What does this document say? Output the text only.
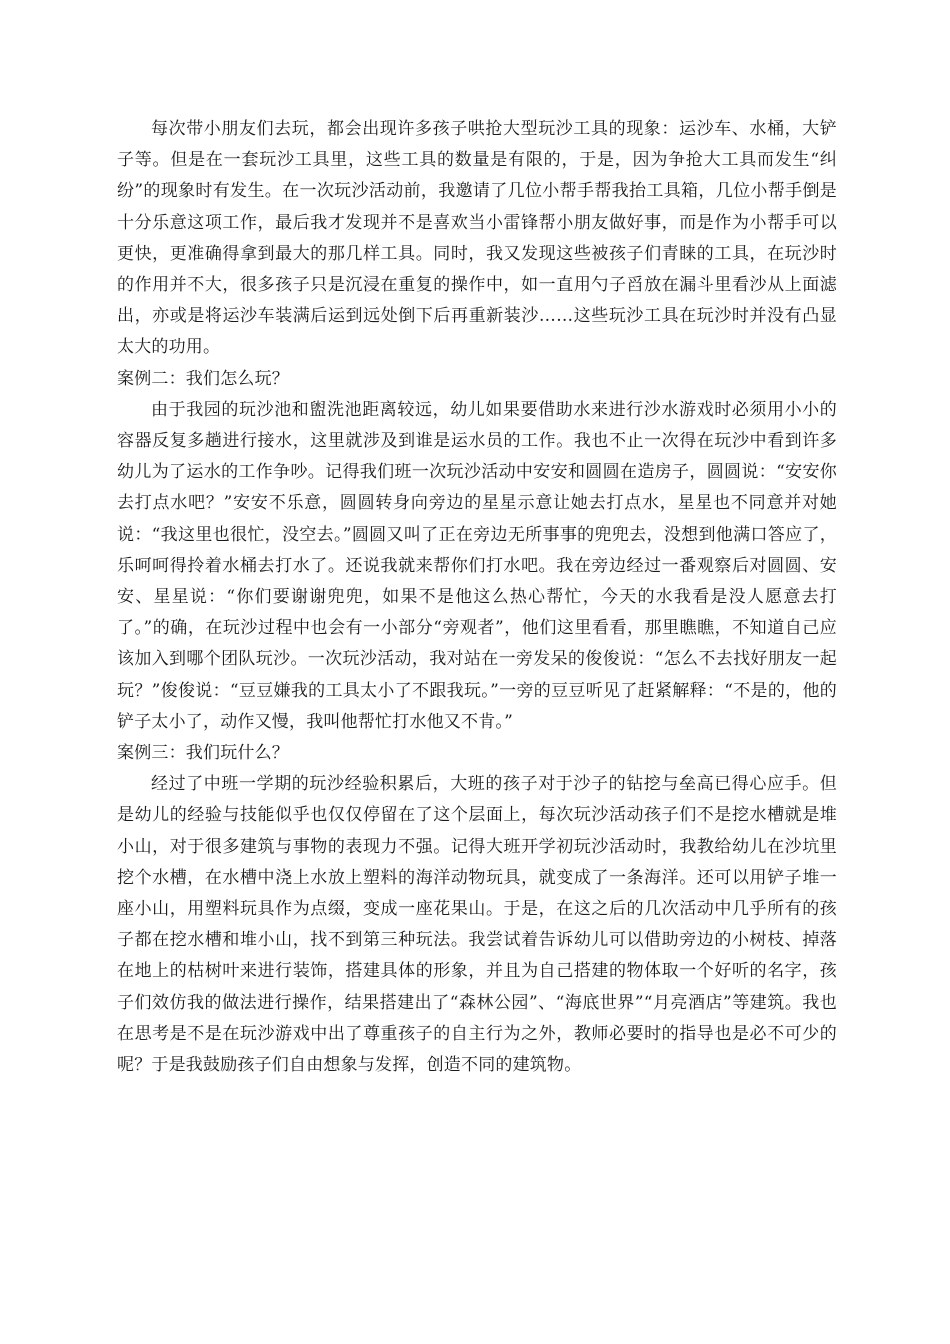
每次带小朋友们去玩，都会出现许多孩子哄抢大型玩沙工具的现象：运沙车、水桶，大铲子等。但是在一套玩沙工具里，这些工具的数量是有限的，于是，因为争抢大工具而发生“纠纷”的现象时有发生。在一次玩沙活动前，我邀请了几位小帮手帮我抬工具箱，几位小帮手倒是十分乐意这项工作，最后我才发现并不是喜欢当小雷锋帮小朋友做好事，而是作为小帮手可以更快，更准确得拿到最大的那几样工具。同时，我又发现这些被孩子们青睐的工具，在玩沙时的作用并不大，很多孩子只是沉浸在重复的操作中，如一直用勺子舀放在漏斗里看沙从上面滤出，亦或是将运沙车装满后运到远处倒下后再重新装沙……这些玩沙工具在玩沙时并没有凸显太大的功用。

案例二：我们怎么玩？

由于我园的玩沙池和盥洗池距离较远，幼儿如果要借助水来进行沙水游戏时必须用小小的容器反复多趟进行接水，这里就涉及到谁是运水员的工作。我也不止一次得在玩沙中看到许多幼儿为了运水的工作争吵。记得我们班一次玩沙活动中安安和圆圆在造房子，圆圆说：“安安你去打点水吧？”安安不乐意，圆圆转身向旁边的星星示意让她去打点水，星星也不同意并对她说：“我这里也很忙，没空去。”圆圆又叫了正在旁边无所事事的兜兜去，没想到他满口答应了，乐呵呵得拎着水桶去打水了。还说我就来帮你们打水吧。我在旁边经过一番观察后对圆圆、安安、星星说：“你们要谢谢兜兜，如果不是他这么热心帮忙，今天的水我看是没人愿意去打了。”的确，在玩沙过程中也会有一小部分“旁观者”，他们这里看看，那里瞧瞧，不知道自己应该加入到哪个团队玩沙。一次玩沙活动，我对站在一旁发呆的俊俊说：“怎么不去找好朋友一起玩？”俊俊说：“豆豆嫌我的工具太小了不跟我玩。”一旁的豆豆听见了赶紧解释：“不是的，他的铲子太小了，动作又慢，我叫他帮忙打水他又不肯。”

案例三：我们玩什么？

经过了中班一学期的玩沙经验积累后，大班的孩子对于沙子的钻挖与垒高已得心应手。但是幼儿的经验与技能似乎也仅仅停留在了这个层面上，每次玩沙活动孩子们不是挖水槽就是堆小山，对于很多建筑与事物的表现力不强。记得大班开学初玩沙活动时，我教给幼儿在沙坑里挖个水槽，在水槽中浇上水放上塑料的海洋动物玩具，就变成了一条海洋。还可以用铲子堆一座小山，用塑料玩具作为点缀，变成一座花果山。于是，在这之后的几次活动中几乎所有的孩子都在挖水槽和堆小山，找不到第三种玩法。我尝试着告诉幼儿可以借助旁边的小树枝、掉落在地上的枯树叶来进行装饰，搭建具体的形象，并且为自己搭建的物体取一个好听的名字，孩子们效仿我的做法进行操作，结果搭建出了“森林公园”、“海底世界”“月亮酒店”等建筑。我也在思考是不是在玩沙游戏中出了尊重孩子的自主行为之外，教师必要时的指导也是必不可少的呢？于是我鼓励孩子们自由想象与发挥，创造不同的建筑物。
